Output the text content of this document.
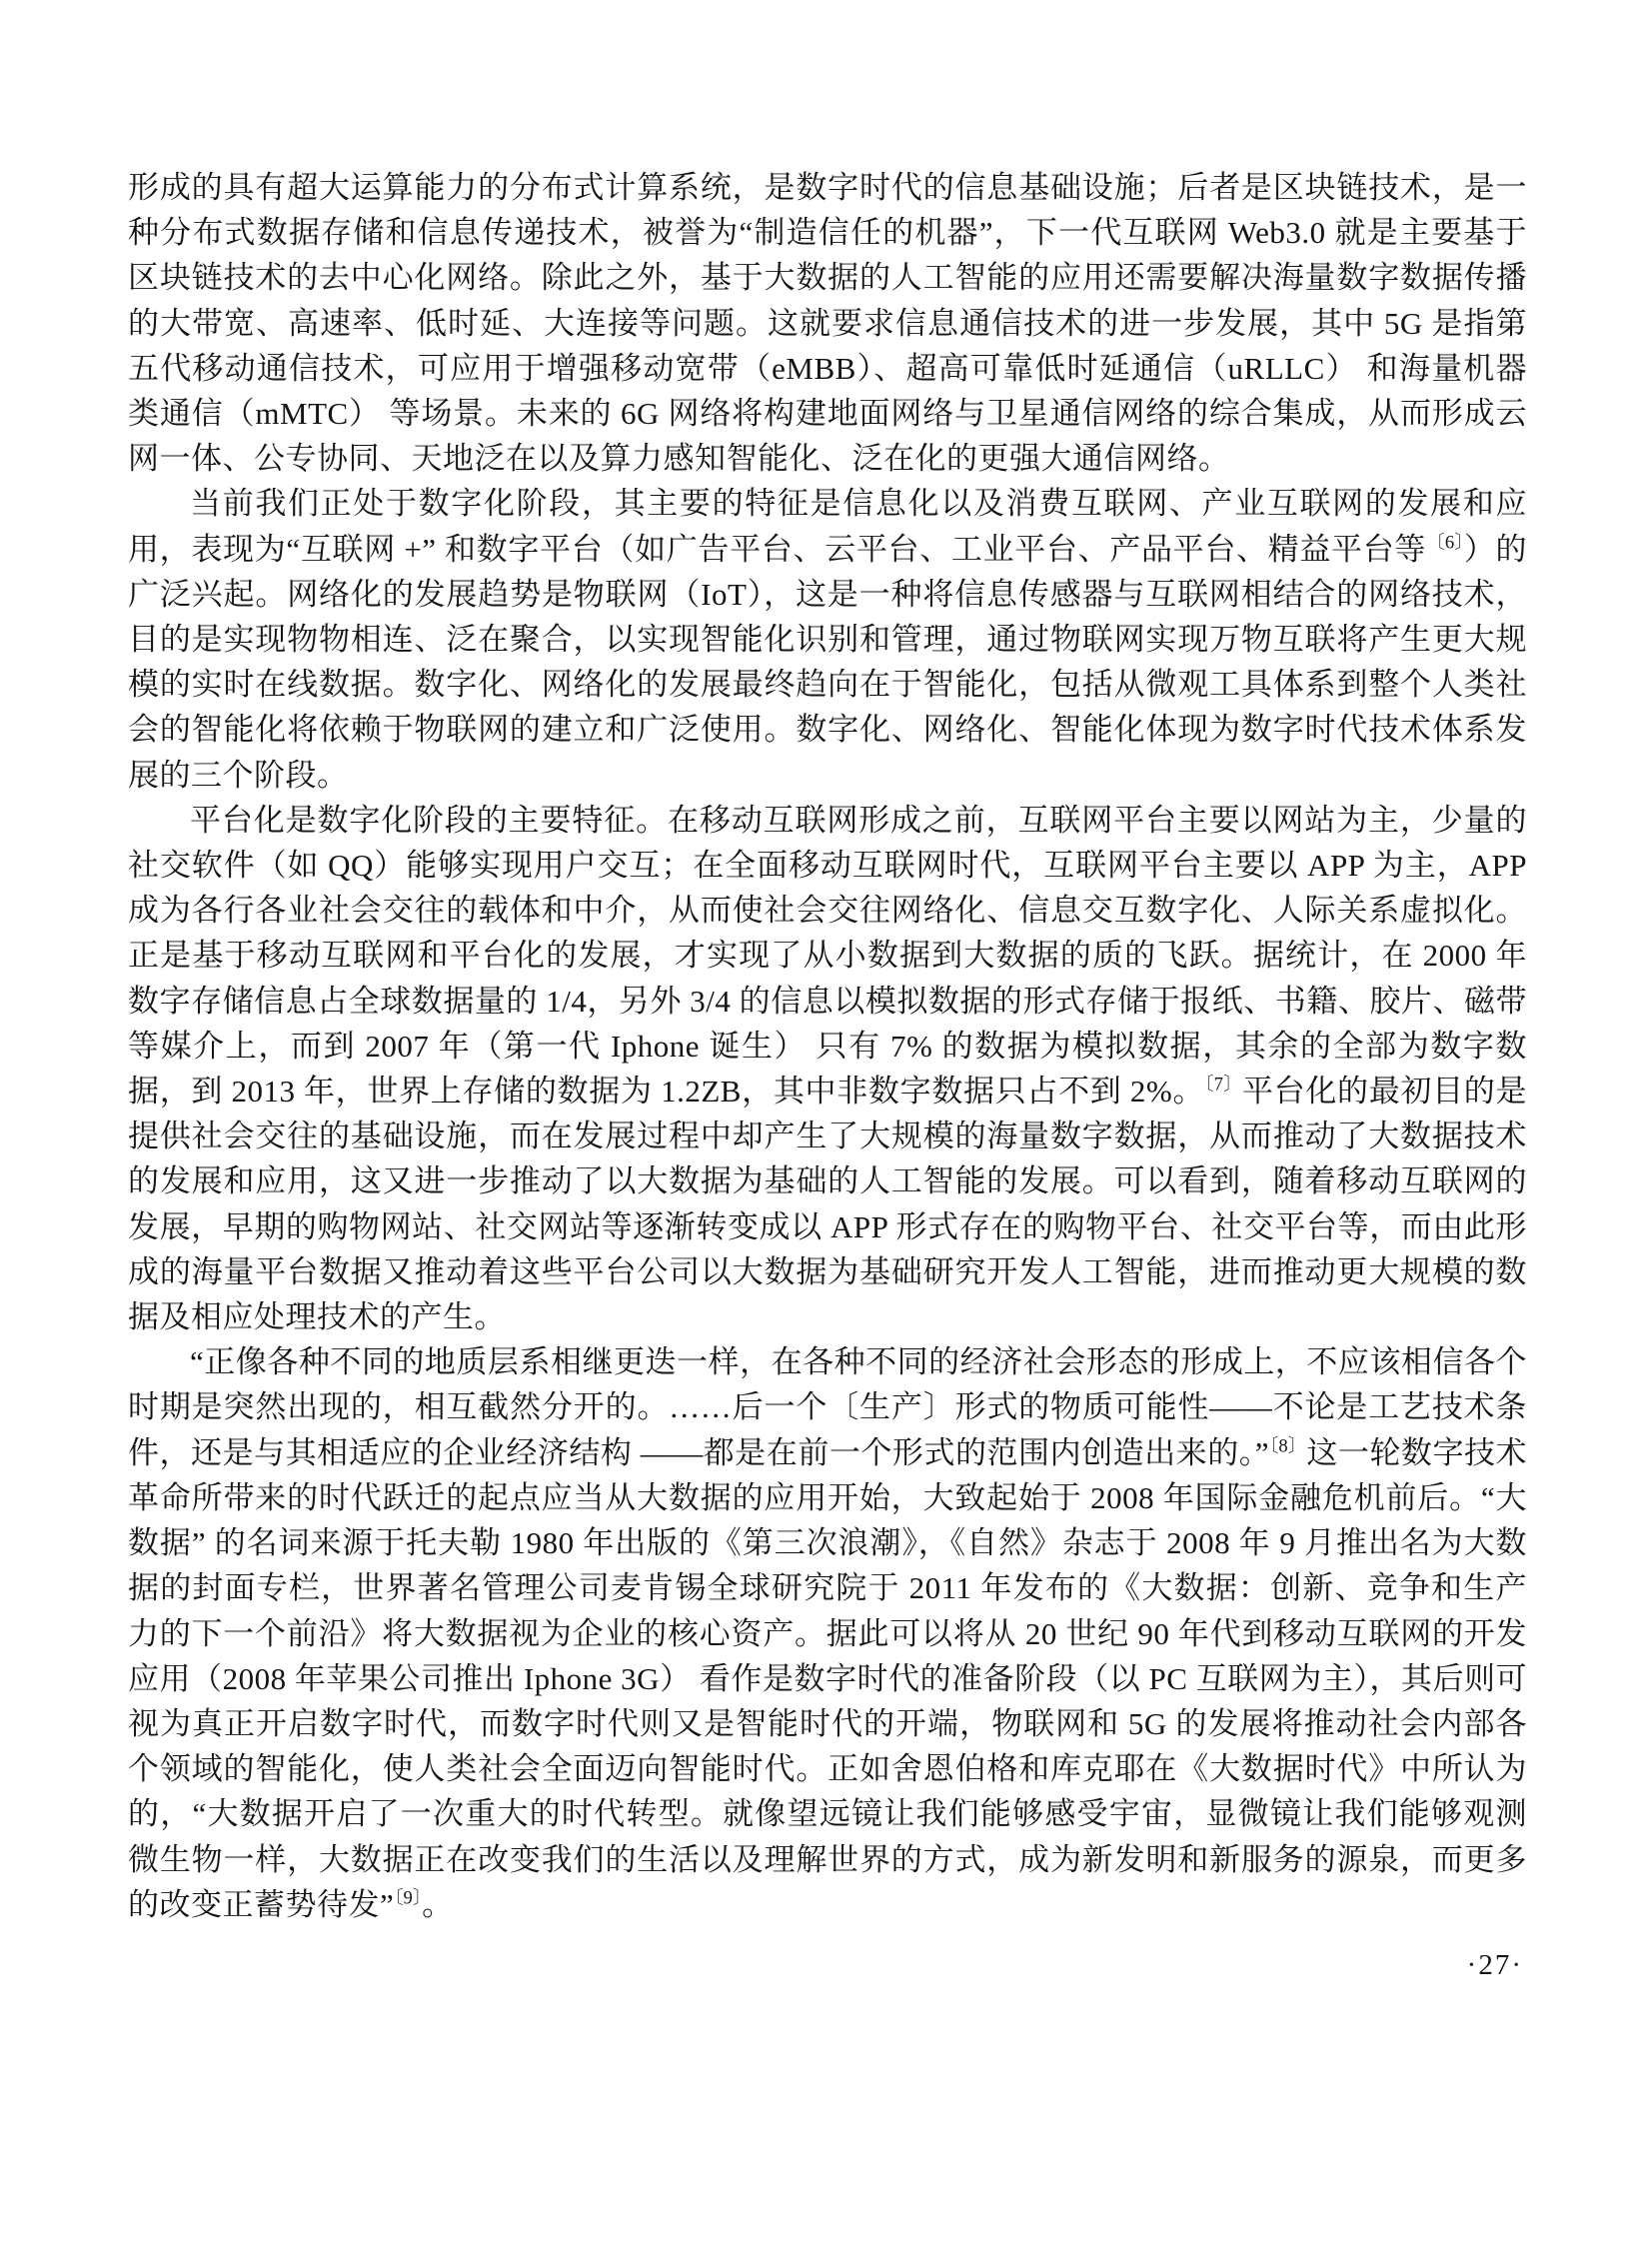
形成的具有超大运算能力的分布式计算系统，是数字时代的信息基础设施；后者是区块链技术，是一种分布式数据存储和信息传递技术，被誉为“制造信任的机器”，下一代互联网 Web3.0 就是主要基于区块链技术的去中心化网络。除此之外，基于大数据的人工智能的应用还需要解决海量数字数据传播的大带宽、高速率、低时延、大连接等问题。这就要求信息通信技术的进一步发展，其中 5G 是指第五代移动通信技术，可应用于增强移动宽带（eMBB）、超高可靠低时延通信（uRLLC） 和海量机器类通信（mMTC） 等场景。未来的 6G 网络将构建地面网络与卫星通信网络的综合集成，从而形成云网一体、公专协同、天地泛在以及算力感知智能化、泛在化的更强大通信网络。

当前我们正处于数字化阶段，其主要的特征是信息化以及消费互联网、产业互联网的发展和应用，表现为“互联网 +” 和数字平台（如广告平台、云平台、工业平台、产品平台、精益平台等$^{〔6〕}$）的广泛兴起。网络化的发展趋势是物联网（IoT），这是一种将信息传感器与互联网相结合的网络技术，目的是实现物物相连、泛在聚合，以实现智能化识别和管理，通过物联网实现万物互联将产生更大规模的实时在线数据。数字化、网络化的发展最终趋向在于智能化，包括从微观工具体系到整个人类社会的智能化将依赖于物联网的建立和广泛使用。数字化、网络化、智能化体现为数字时代技术体系发展的三个阶段。

平台化是数字化阶段的主要特征。在移动互联网形成之前，互联网平台主要以网站为主，少量的社交软件（如 QQ）能够实现用户交互；在全面移动互联网时代，互联网平台主要以 APP 为主，APP 成为各行各业社会交往的载体和中介，从而使社会交往网络化、信息交互数字化、人际关系虚拟化。正是基于移动互联网和平台化的发展，才实现了从小数据到大数据的质的飞跃。据统计，在 2000 年数字存储信息占全球数据量的 1/4，另外 3/4 的信息以模拟数据的形式存储于报纸、书籍、胶片、磁带等媒介上，而到 2007 年（第一代 Iphone 诞生） 只有 7% 的数据为模拟数据，其余的全部为数字数据，到 2013 年，世界上存储的数据为 1.2ZB，其中非数字数据只占不到 2%。$^{〔7〕}$平台化的最初目的是提供社会交往的基础设施，而在发展过程中却产生了大规模的海量数字数据，从而推动了大数据技术的发展和应用，这又进一步推动了以大数据为基础的人工智能的发展。可以看到，随着移动互联网的发展，早期的购物网站、社交网站等逐渐转变成以 APP 形式存在的购物平台、社交平台等，而由此形成的海量平台数据又推动着这些平台公司以大数据为基础研究开发人工智能，进而推动更大规模的数据及相应处理技术的产生。

“正像各种不同的地质层系相继更迭一样，在各种不同的经济社会形态的形成上，不应该相信各个时期是突然出现的，相互截然分开的。……后一个〔生产〕形式的物质可能性——不论是工艺技术条件，还是与其相适应的企业经济结构 ——都是在前一个形式的范围内创造出来的。”$^{〔8〕}$这一轮数字技术革命所带来的时代跃迁的起点应当从大数据的应用开始，大致起始于 2008 年国际金融危机前后。“大数据” 的名词来源于托夫勒 1980 年出版的《第三次浪潮》，《自然》杂志于 2008 年 9 月推出名为大数据的封面专栏，世界著名管理公司麦肯锡全球研究院于 2011 年发布的《大数据：创新、竞争和生产力的下一个前沿》将大数据视为企业的核心资产。据此可以将从 20 世纪 90 年代到移动互联网的开发应用（2008 年苹果公司推出 Iphone 3G） 看作是数字时代的准备阶段（以 PC 互联网为主），其后则可视为真正开启数字时代，而数字时代则又是智能时代的开端，物联网和 5G 的发展将推动社会内部各个领域的智能化，使人类社会全面迈向智能时代。正如舍恩伯格和库克耶在《大数据时代》中所认为的，“大数据开启了一次重大的时代转型。就像望远镜让我们能够感受宇宙，显微镜让我们能够观测微生物一样，大数据正在改变我们的生活以及理解世界的方式，成为新发明和新服务的源泉，而更多的改变正蓄势待发”$^{〔9〕}$。

·27·
